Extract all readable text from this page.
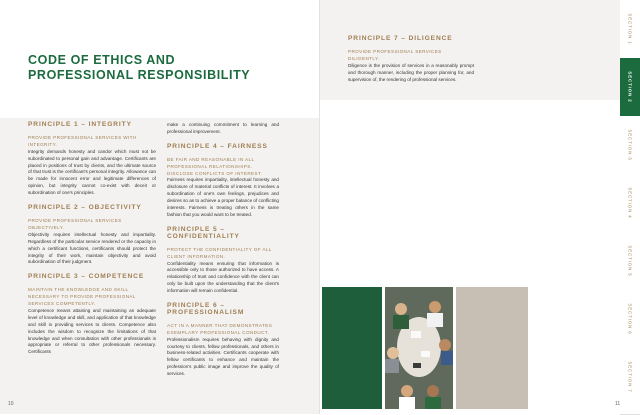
CODE OF ETHICS AND
PROFESSIONAL RESPONSIBILITY

PRINCIPLE 1 – INTEGRITY

PROVIDE PROFESSIONAL SERVICES WITH INTEGRITY.

Integrity demands honesty and candor which must not be subordinated to personal gain and advantage. Certificants are placed in positions of trust by clients, and the ultimate source of that trust is the certificant's personal integrity. Allowance can be made for innocent error and legitimate differences of opinion, but integrity cannot co-exist with deceit or subordination of one's principles.

PRINCIPLE 2 – OBJECTIVITY

PROVIDE PROFESSIONAL SERVICES OBJECTIVELY.

Objectivity requires intellectual honesty and impartiality. Regardless of the particular service rendered or the capacity in which a certificant functions, certificants should protect the integrity of their work, maintain objectivity and avoid subordination of their judgment.

PRINCIPLE 3 – COMPETENCE

MAINTAIN THE KNOWLEDGE AND SKILL NECESSARY TO PROVIDE PROFESSIONAL SERVICES COMPETENTLY.

Competence means attaining and maintaining an adequate level of knowledge and skill, and application of that knowledge and skill in providing services to clients. Competence also includes the wisdom to recognize the limitations of that knowledge and when consultation with other professionals is appropriate or referral to other professionals necessary. Certificants

make a continuing commitment to learning and professional improvement.

PRINCIPLE 4 – FAIRNESS

BE FAIR AND REASONABLE IN ALL PROFESSIONAL RELATIONSHIPS. DISCLOSE CONFLICTS OF INTEREST.

Fairness requires impartiality, intellectual honesty and disclosure of material conflicts of interest. It involves a subordination of one's own feelings, prejudices and desires so as to achieve a proper balance of conflicting interests. Fairness is treating others in the same fashion that you would want to be treated.

PRINCIPLE 5 – CONFIDENTIALITY

PROTECT THE CONFIDENTIALITY OF ALL CLIENT INFORMATION.

Confidentiality means ensuring that information is accessible only to those authorized to have access. A relationship of trust and confidence with the client can only be built upon the understanding that the client's information will remain confidential.

PRINCIPLE 6 – PROFESSIONALISM

ACT IN A MANNER THAT DEMONSTRATES EXEMPLARY PROFESSIONAL CONDUCT.

Professionalism requires behaving with dignity and courtesy to clients, fellow professionals, and others in business-related activities. Certificants cooperate with fellow certificants to enhance and maintain the profession's public image and improve the quality of services.

10

PRINCIPLE 7 – DILIGENCE

PROVIDE PROFESSIONAL SERVICES DILIGENTLY.

Diligence is the provision of services in a reasonably prompt and thorough manner, including the proper planning for, and supervision of, the rendering of professional services.

11
SECTION 1
SECTION 2
SECTION 3
SECTION 4
SECTION 5
SECTION 6
SECTION 7
